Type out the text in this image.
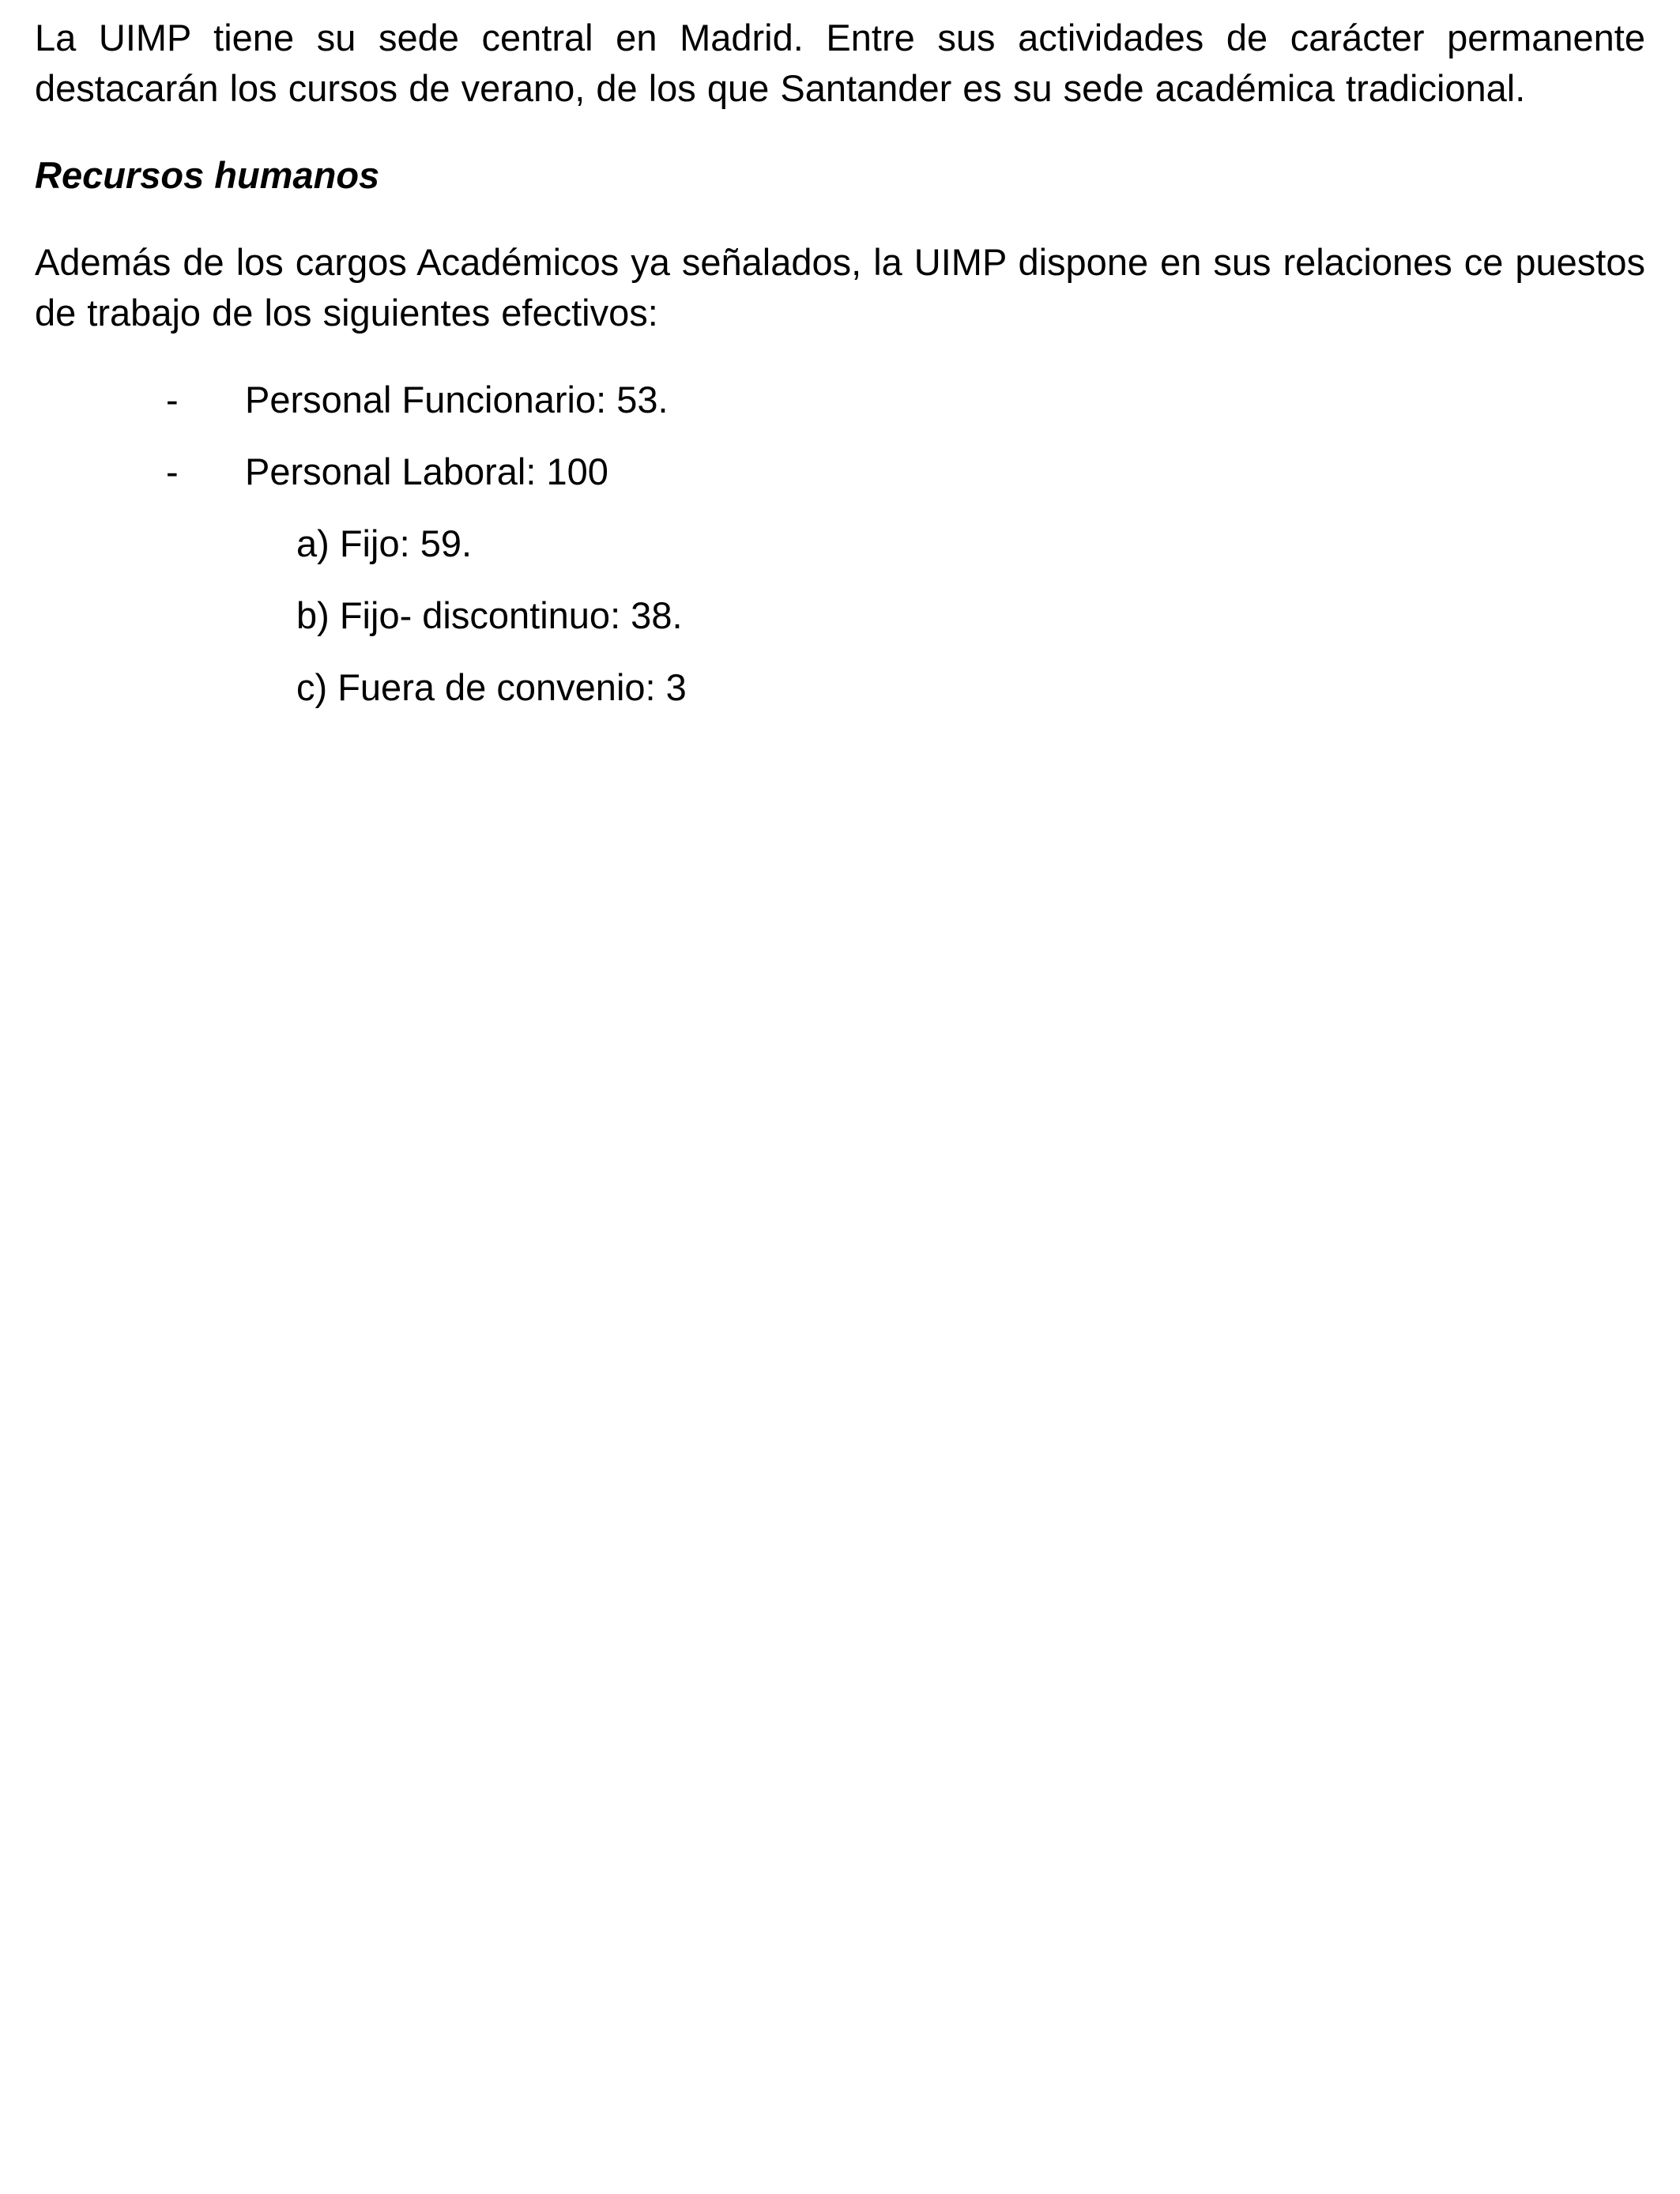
La UIMP tiene su sede central en Madrid. Entre sus actividades de carácter permanente destacarán los cursos de verano, de los que Santander es su sede académica tradicional.

Recursos humanos

Además de los cargos Académicos ya señalados, la UIMP dispone en sus relaciones ce puestos de trabajo de los siguientes efectivos:

- Personal Funcionario: 53.
- Personal Laboral: 100
a) Fijo: 59.
b) Fijo- discontinuo: 38.
c) Fuera de convenio: 3
